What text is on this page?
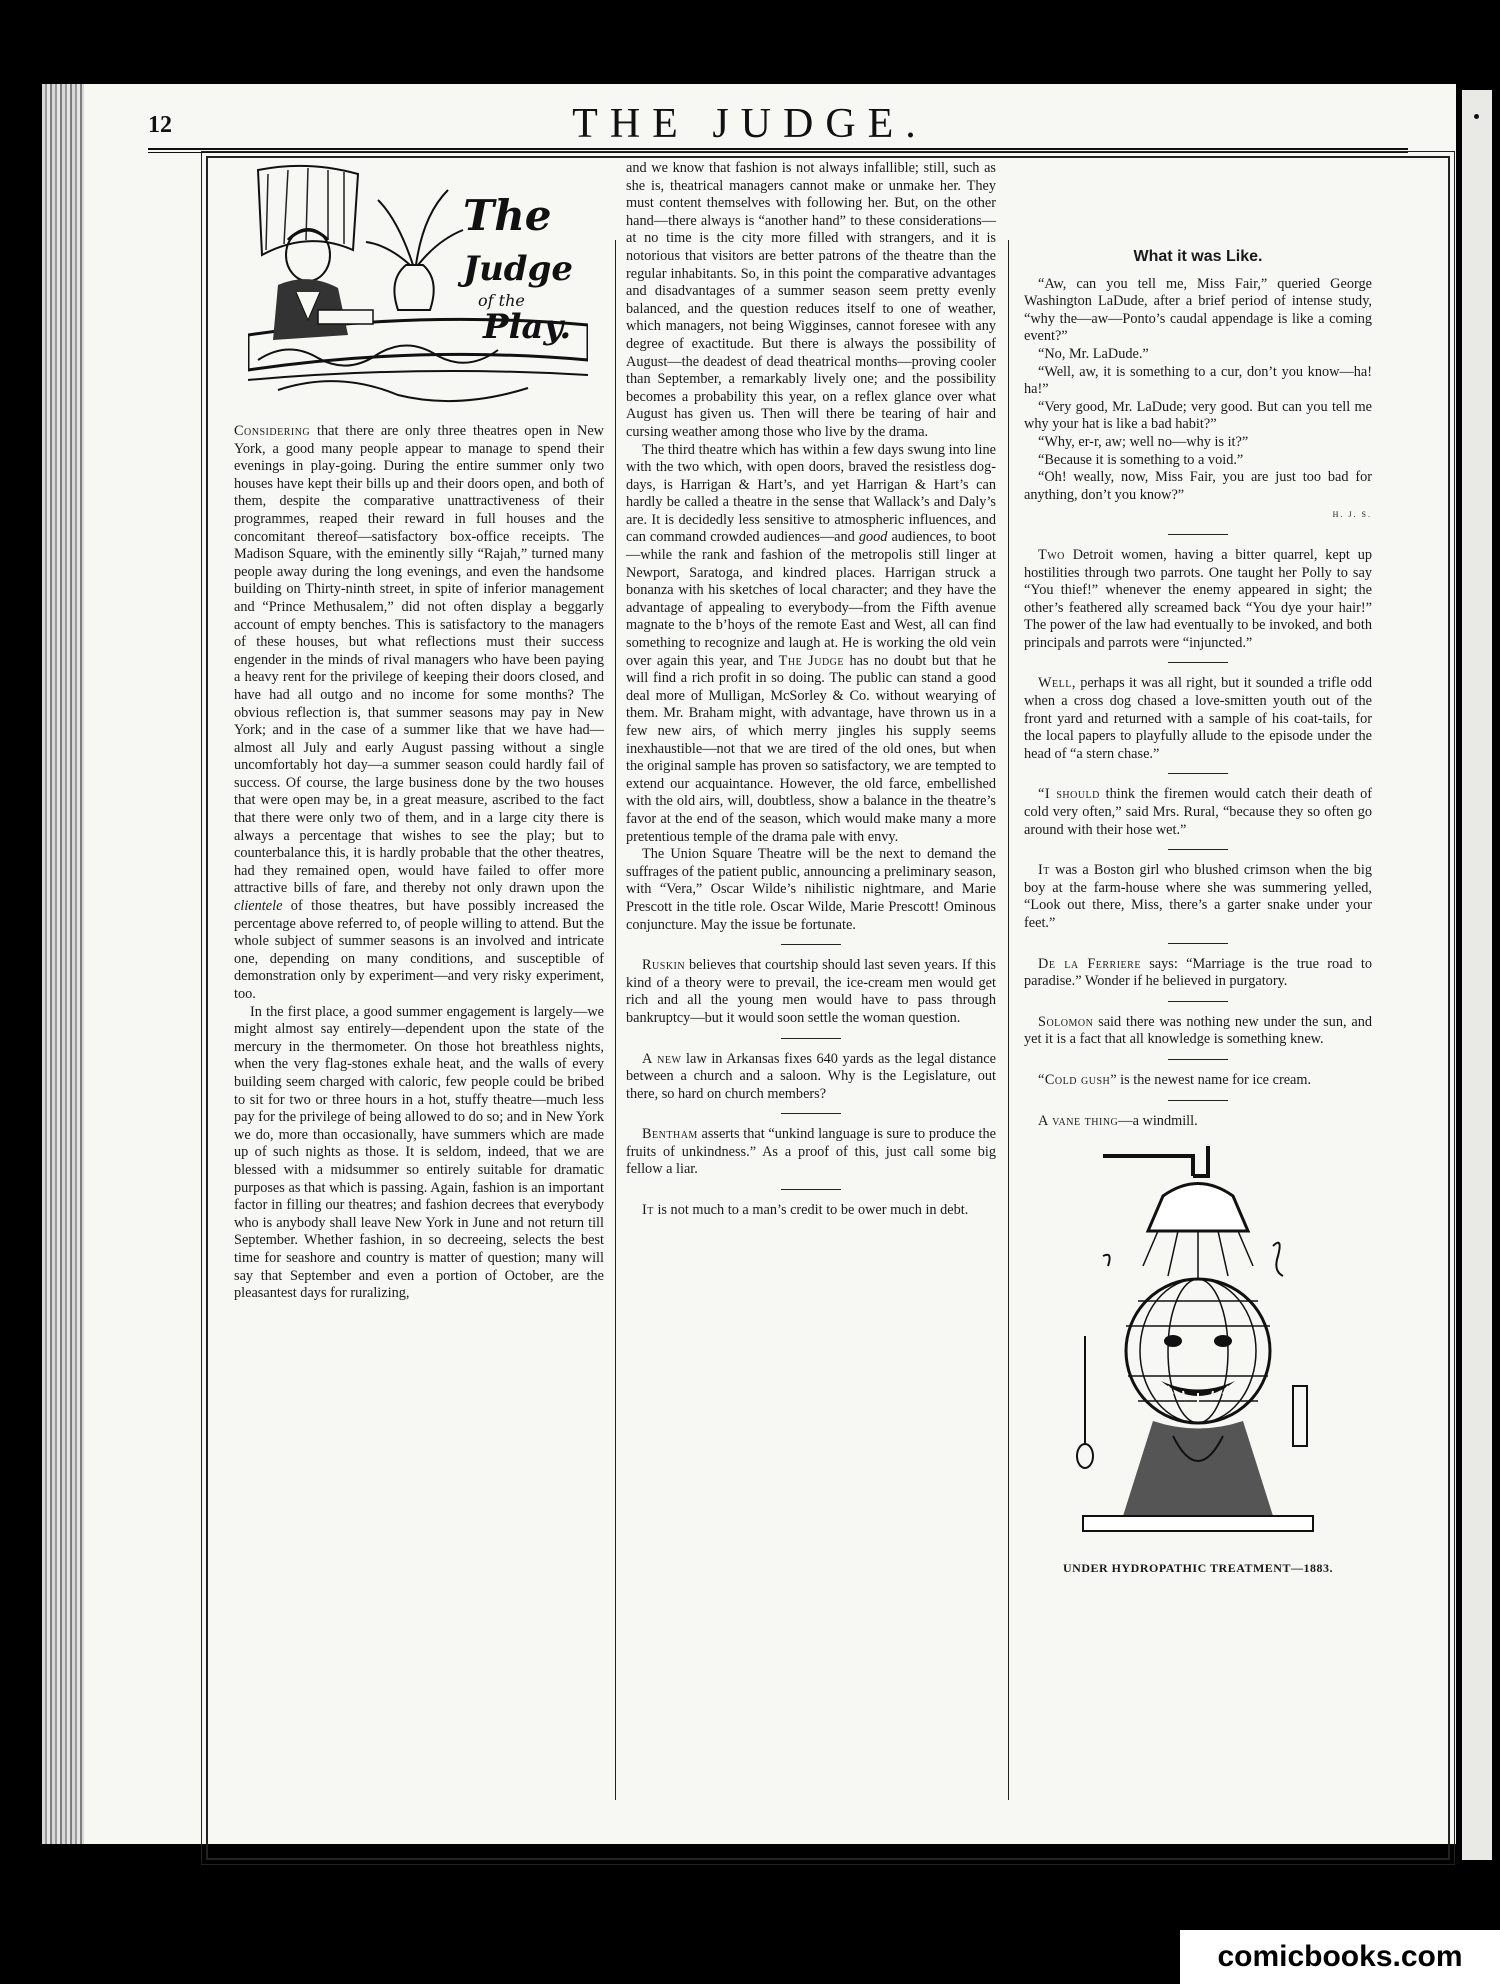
12	THE JUDGE.
The
Judge
of the
Play.

Considering that there are only three theatres open in New York, a good many people appear to manage to spend their evenings in play-going. During the entire summer only two houses have kept their bills up and their doors open, and both of them, despite the comparative unattractiveness of their programmes, reaped their reward in full houses and the concomitant thereof—satisfactory box-office receipts. The Madison Square, with the eminently silly “Rajah,” turned many people away during the long evenings, and even the handsome building on Thirty-ninth street, in spite of inferior management and “Prince Methusalem,” did not often display a beggarly account of empty benches. This is satisfactory to the managers of these houses, but what reflections must their success engender in the minds of rival managers who have been paying a heavy rent for the privilege of keeping their doors closed, and have had all outgo and no income for some months? The obvious reflection is, that summer seasons may pay in New York; and in the case of a summer like that we have had—almost all July and early August passing without a single uncomfortably hot day—a summer season could hardly fail of success. Of course, the large business done by the two houses that were open may be, in a great measure, ascribed to the fact that there were only two of them, and in a large city there is always a percentage that wishes to see the play; but to counterbalance this, it is hardly probable that the other theatres, had they remained open, would have failed to offer more attractive bills of fare, and thereby not only drawn upon the clientele of those theatres, but have possibly increased the percentage above referred to, of people willing to attend. But the whole subject of summer seasons is an involved and intricate one, depending on many conditions, and susceptible of demonstration only by experiment—and very risky experiment, too.

In the first place, a good summer engagement is largely—we might almost say entirely—dependent upon the state of the mercury in the thermometer. On those hot breathless nights, when the very flag-stones exhale heat, and the walls of every building seem charged with caloric, few people could be bribed to sit for two or three hours in a hot, stuffy theatre—much less pay for the privilege of being allowed to do so; and in New York we do, more than occasionally, have summers which are made up of such nights as those. It is seldom, indeed, that we are blessed with a midsummer so entirely suitable for dramatic purposes as that which is passing. Again, fashion is an important factor in filling our theatres; and fashion decrees that everybody who is anybody shall leave New York in June and not return till September. Whether fashion, in so decreeing, selects the best time for seashore and country is matter of question; many will say that September and even a portion of October, are the pleasantest days for ruralizing,

and we know that fashion is not always infallible; still, such as she is, theatrical managers cannot make or unmake her. They must content themselves with following her. But, on the other hand—there always is “another hand” to these considerations—at no time is the city more filled with strangers, and it is notorious that visitors are better patrons of the theatre than the regular inhabitants. So, in this point the comparative advantages and disadvantages of a summer season seem pretty evenly balanced, and the question reduces itself to one of weather, which managers, not being Wigginses, cannot foresee with any degree of exactitude. But there is always the possibility of August—the deadest of dead theatrical months—proving cooler than September, a remarkably lively one; and the possibility becomes a probability this year, on a reflex glance over what August has given us. Then will there be tearing of hair and cursing weather among those who live by the drama.

The third theatre which has within a few days swung into line with the two which, with open doors, braved the resistless dog-days, is Harrigan & Hart’s, and yet Harrigan & Hart’s can hardly be called a theatre in the sense that Wallack’s and Daly’s are. It is decidedly less sensitive to atmospheric influences, and can command crowded audiences—and good audiences, to boot—while the rank and fashion of the metropolis still linger at Newport, Saratoga, and kindred places. Harrigan struck a bonanza with his sketches of local character; and they have the advantage of appealing to everybody—from the Fifth avenue magnate to the b’hoys of the remote East and West, all can find something to recognize and laugh at. He is working the old vein over again this year, and The Judge has no doubt but that he will find a rich profit in so doing. The public can stand a good deal more of Mulligan, McSorley & Co. without wearying of them. Mr. Braham might, with advantage, have thrown us in a few new airs, of which merry jingles his supply seems inexhaustible—not that we are tired of the old ones, but when the original sample has proven so satisfactory, we are tempted to extend our acquaintance. However, the old farce, embellished with the old airs, will, doubtless, show a balance in the theatre’s favor at the end of the season, which would make many a more pretentious temple of the drama pale with envy.

The Union Square Theatre will be the next to demand the suffrages of the patient public, announcing a preliminary season, with “Vera,” Oscar Wilde’s nihilistic nightmare, and Marie Prescott in the title role. Oscar Wilde, Marie Prescott! Ominous conjuncture. May the issue be fortunate.

Ruskin believes that courtship should last seven years. If this kind of a theory were to prevail, the ice-cream men would get rich and all the young men would have to pass through bankruptcy—but it would soon settle the woman question.

A new law in Arkansas fixes 640 yards as the legal distance between a church and a saloon. Why is the Legislature, out there, so hard on church members?

Bentham asserts that “unkind language is sure to produce the fruits of unkindness.” As a proof of this, just call some big fellow a liar.

It is not much to a man’s credit to be ower much in debt.

What it was Like.

“Aw, can you tell me, Miss Fair,” queried George Washington LaDude, after a brief period of intense study, “why the—aw—Ponto’s caudal appendage is like a coming event?”

“No, Mr. LaDude.”

“Well, aw, it is something to a cur, don’t you know—ha! ha!”

“Very good, Mr. LaDude; very good. But can you tell me why your hat is like a bad habit?”

“Why, er-r, aw; well no—why is it?”

“Because it is something to a void.”

“Oh! weally, now, Miss Fair, you are just too bad for anything, don’t you know?”

H. J. S.

Two Detroit women, having a bitter quarrel, kept up hostilities through two parrots. One taught her Polly to say “You thief!” whenever the enemy appeared in sight; the other’s feathered ally screamed back “You dye your hair!” The power of the law had eventually to be invoked, and both principals and parrots were “injuncted.”

Well, perhaps it was all right, but it sounded a trifle odd when a cross dog chased a love-smitten youth out of the front yard and returned with a sample of his coat-tails, for the local papers to playfully allude to the episode under the head of “a stern chase.”

“I should think the firemen would catch their death of cold very often,” said Mrs. Rural, “because they so often go around with their hose wet.”

It was a Boston girl who blushed crimson when the big boy at the farm-house where she was summering yelled, “Look out there, Miss, there’s a garter snake under your feet.”

De la Ferriere says: “Marriage is the true road to paradise.” Wonder if he believed in purgatory.

Solomon said there was nothing new under the sun, and yet it is a fact that all knowledge is something knew.

“Cold gush” is the newest name for ice cream.

A vane thing—a windmill.

UNDER HYDROPATHIC TREATMENT—1883.
comicbooks.com
